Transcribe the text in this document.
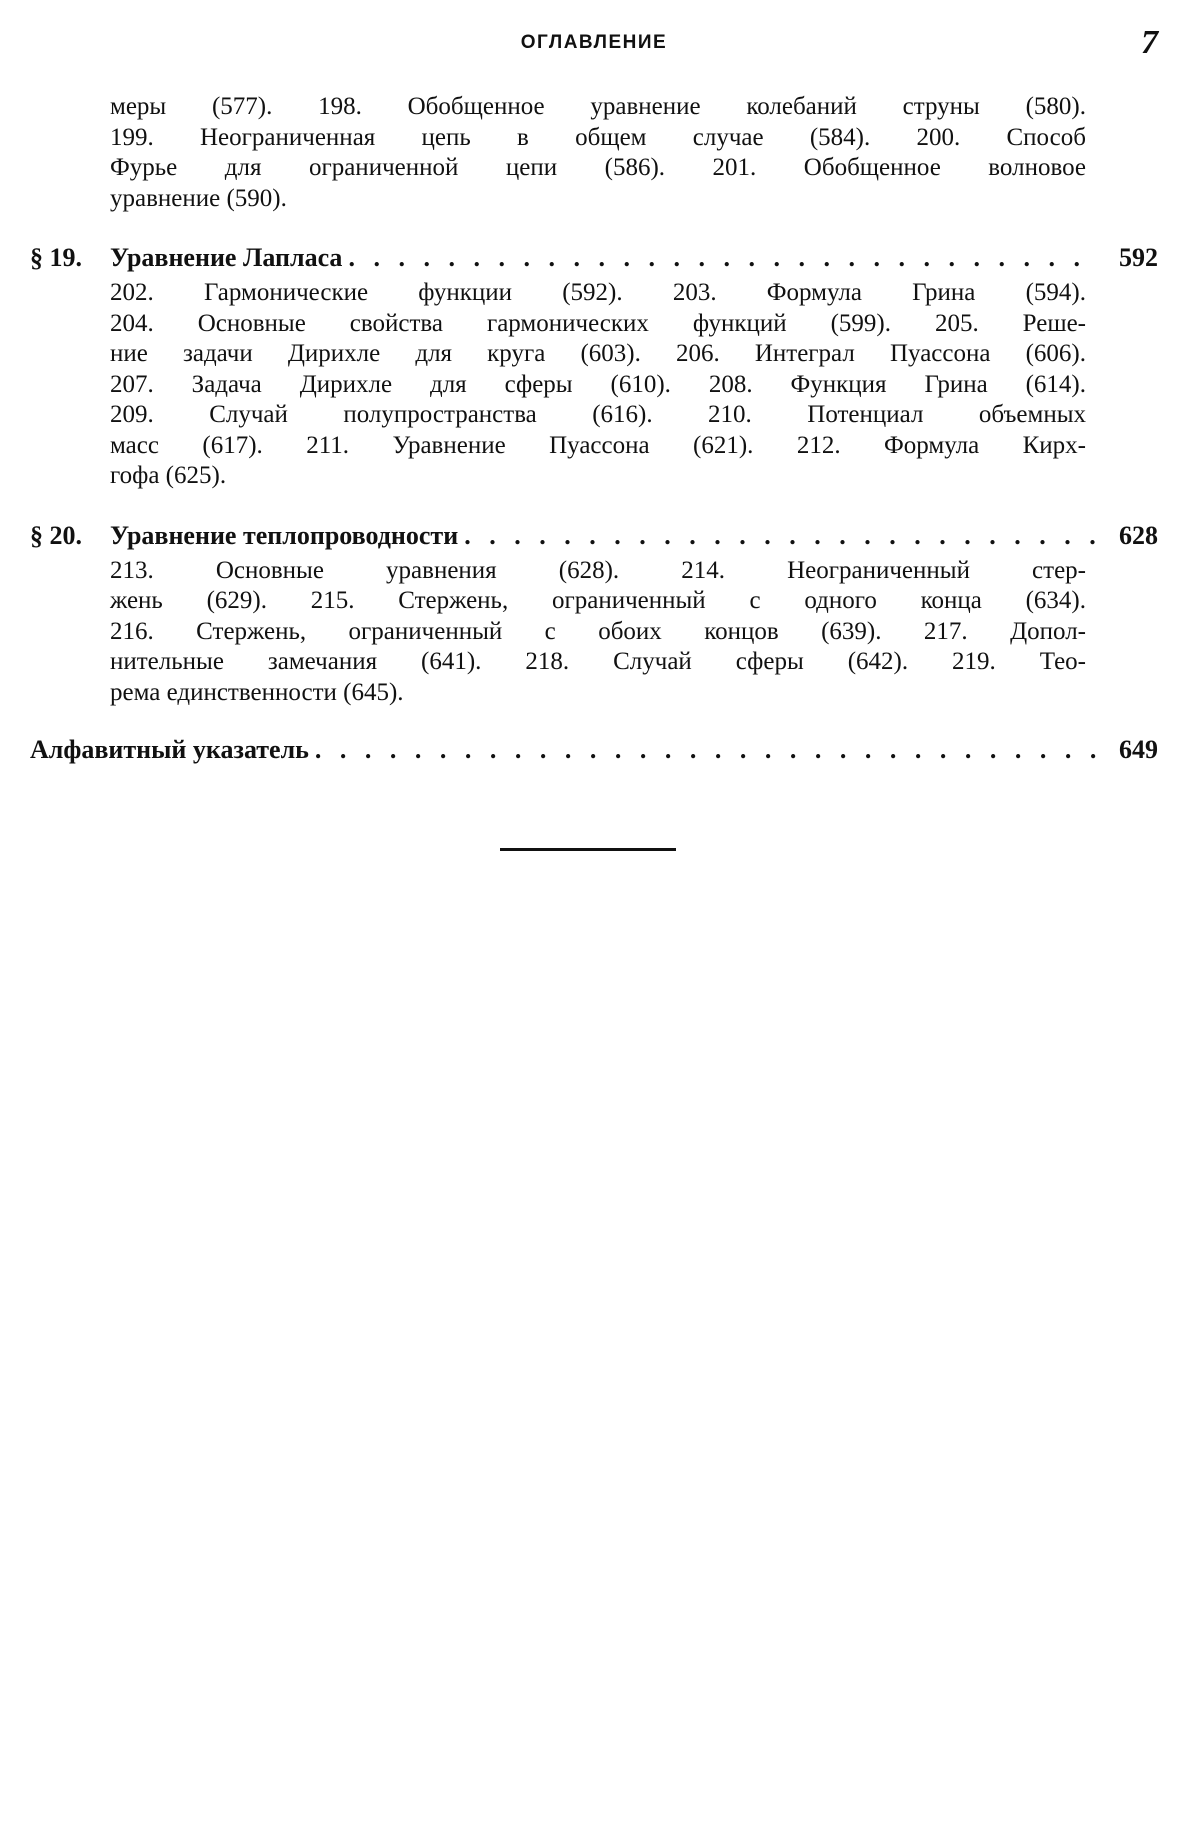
ОГЛАВЛЕНИЕ	7
меры (577). 198. Обобщенное уравнение колебаний струны (580).
199. Неограниченная цепь в общем случае (584). 200. Способ
Фурье для ограниченной цепи (586). 201. Обобщенное волновое
уравнение (590).
§ 19.	Уравнение Лапласа . . .	592
202. Гармонические функции (592). 203. Формула Грина (594).
204. Основные свойства гармонических функций (599). 205. Реше-
ние задачи Дирихле для круга (603). 206. Интеграл Пуассона (606).
207. Задача Дирихле для сферы (610). 208. Функция Грина (614).
209. Случай полупространства (616). 210. Потенциал объемных
масс (617). 211. Уравнение Пуассона (621). 212. Формула Кирх-
гофа (625).
§ 20.	Уравнение теплопроводности . . .	628
213. Основные уравнения (628). 214. Неограниченный стер-
жень (629). 215. Стержень, ограниченный с одного конца (634).
216. Стержень, ограниченный с обоих концов (639). 217. Допол-
нительные замечания (641). 218. Случай сферы (642). 219. Тео-
рема единственности (645).
Алфавитный указатель . . .	649
